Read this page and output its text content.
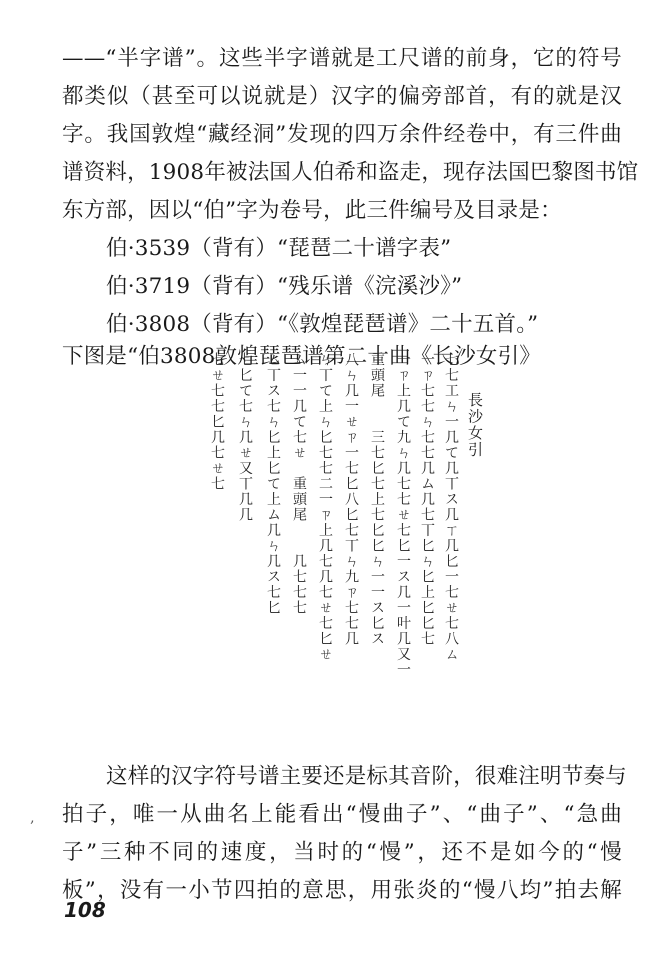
——“半字谱”。这些半字谱就是工尺谱的前身，它的符号
都类似（甚至可以说就是）汉字的偏旁部首，有的就是汉
字。我国敦煌“藏经洞”发现的四万余件经卷中，有三件曲
谱资料，1908年被法国人伯希和盗走，现存法国巴黎图书馆
东方部，因以“伯”字为卷号，此三件编号及目录是：
伯·3539（背有）“琵琶二十谱字表”
伯·3719（背有）“残乐谱《浣溪沙》”
伯·3808（背有）“《敦煌琵琶谱》二十五首。”
下图是“伯3808敦煌琵琶谱第二十曲《长沙女引》
長沙女引
七七工ㄣ一几て几丅ス几ㄒ几匕一七ㄝ七八ㄙ
一ㄗ七七ㄣ七七几ム几七丅匕ㄣ匕上匕匕七
一ㄗ上几て九ㄣ几七七ㄝ七匕一ス几一叶几又一
重頭尾　　三七匕七上七匕匕ㄣ一一ス匕ス
八ㄣ几一ㄝㄗ一七匕八匕七丅ㄣ九ㄗ七七几
ㄣ丅て上ㄣ匕七七二一ㄗ上几七几七ㄝ七匕ㄝ
ム一一几て七ㄝ　重頭尾　　几七七七
ム丅ス七ㄣ匕上匕て上ム几ㄣ几ス七匕
七匕て七ㄣ几ㄝ又丅几几
七ㄝ七七匕几七ㄝ七
这样的汉字符号谱主要还是标其音阶，很难注明节奏与
拍子，唯一从曲名上能看出“慢曲子”、“曲子”、“急曲
子”三种不同的速度，当时的“慢”，还不是如今的“慢
板”，没有一小节四拍的意思，用张炎的“慢八均”拍去解
‚
108
